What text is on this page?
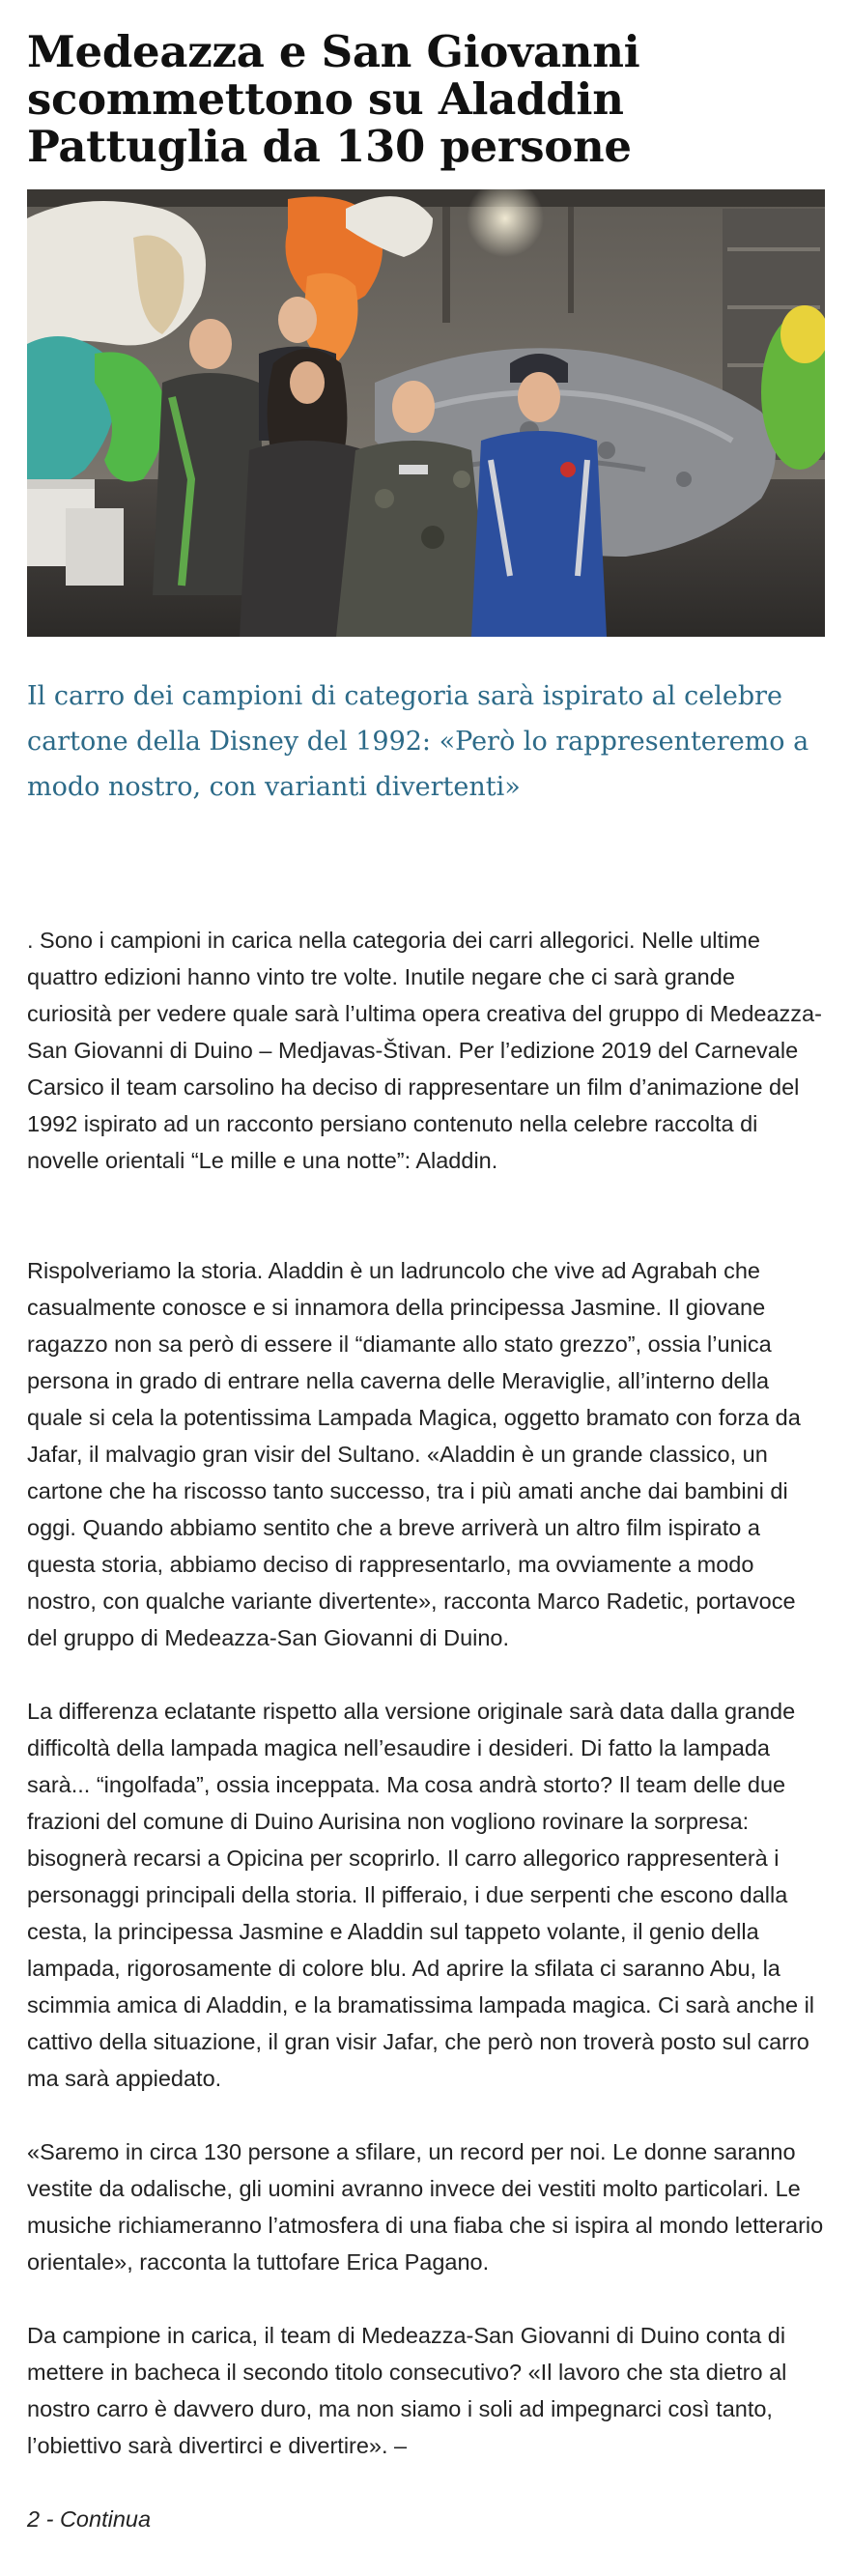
Medeazza e San Giovanni scommettono su Aladdin Pattuglia da 130 persone

Il carro dei campioni di categoria sarà ispirato al celebre cartone della Disney del 1992: «Però lo rappresenteremo a modo nostro, con varianti divertenti»

. Sono i campioni in carica nella categoria dei carri allegorici. Nelle ultime quattro edizioni hanno vinto tre volte. Inutile negare che ci sarà grande curiosità per vedere quale sarà l’ultima opera creativa del gruppo di Medeazza-San Giovanni di Duino – Medjavas-Štivan. Per l’edizione 2019 del Carnevale Carsico il team carsolino ha deciso di rappresentare un film d’animazione del 1992 ispirato ad un racconto persiano contenuto nella celebre raccolta di novelle orientali “Le mille e una notte”: Aladdin.

Rispolveriamo la storia. Aladdin è un ladruncolo che vive ad Agrabah che casualmente conosce e si innamora della principessa Jasmine. Il giovane ragazzo non sa però di essere il “diamante allo stato grezzo”, ossia l’unica persona in grado di entrare nella caverna delle Meraviglie, all’interno della quale si cela la potentissima Lampada Magica, oggetto bramato con forza da Jafar, il malvagio gran visir del Sultano. «Aladdin è un grande classico, un cartone che ha riscosso tanto successo, tra i più amati anche dai bambini di oggi. Quando abbiamo sentito che a breve arriverà un altro film ispirato a questa storia, abbiamo deciso di rappresentarlo, ma ovviamente a modo nostro, con qualche variante divertente», racconta Marco Radetic, portavoce del gruppo di Medeazza-San Giovanni di Duino.

La differenza eclatante rispetto alla versione originale sarà data dalla grande difficoltà della lampada magica nell’esaudire i desideri. Di fatto la lampada sarà... “ingolfada”, ossia inceppata. Ma cosa andrà storto? Il team delle due frazioni del comune di Duino Aurisina non vogliono rovinare la sorpresa: bisognerà recarsi a Opicina per scoprirlo. Il carro allegorico rappresenterà i personaggi principali della storia. Il pifferaio, i due serpenti che escono dalla cesta, la principessa Jasmine e Aladdin sul tappeto volante, il genio della lampada, rigorosamente di colore blu. Ad aprire la sfilata ci saranno Abu, la scimmia amica di Aladdin, e la bramatissima lampada magica. Ci sarà anche il cattivo della situazione, il gran visir Jafar, che però non troverà posto sul carro ma sarà appiedato.

«Saremo in circa 130 persone a sfilare, un record per noi. Le donne saranno vestite da odalische, gli uomini avranno invece dei vestiti molto particolari. Le musiche richiameranno l’atmosfera di una fiaba che si ispira al mondo letterario orientale», racconta la tuttofare Erica Pagano.

Da campione in carica, il team di Medeazza-San Giovanni di Duino conta di mettere in bacheca il secondo titolo consecutivo? «Il lavoro che sta dietro al nostro carro è davvero duro, ma non siamo i soli ad impegnarci così tanto, l’obiettivo sarà divertirci e divertire». –

2 - Continua
